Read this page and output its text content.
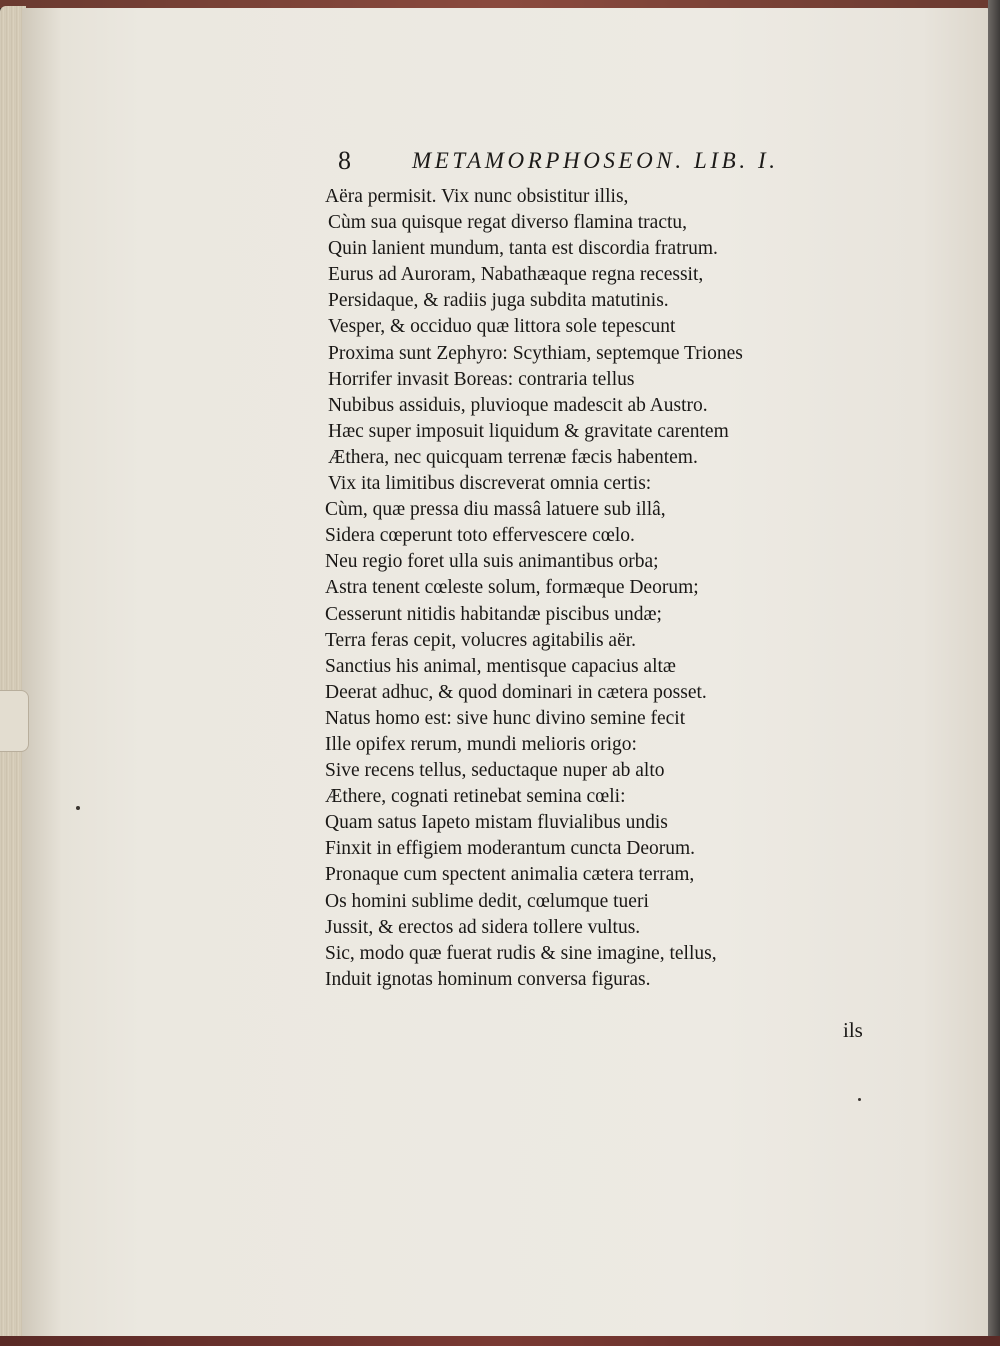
8	METAMORPHOSEON. LIB. I.
Aëra permisit. Vix nunc obsistitur illis,
Cùm sua quisque regat diverso flamina tractu,
Quin lanient mundum, tanta est discordia fratrum.
Eurus ad Auroram, Nabathæaque regna recessit,
Persidaque, & radiis juga subdita matutinis.
Vesper, & occiduo quæ littora sole tepescunt
Proxima sunt Zephyro: Scythiam, septemque Triones
Horrifer invasit Boreas: contraria tellus
Nubibus assiduis, pluvioque madescit ab Austro.
Hæc super imposuit liquidum & gravitate carentem
Æthera, nec quicquam terrenæ fæcis habentem.
Vix ita limitibus discreverat omnia certis:
Cùm, quæ pressa diu massâ latuere sub illâ,
Sidera cœperunt toto effervescere cœlo.
Neu regio foret ulla suis animantibus orba;
Astra tenent cœleste solum, formæque Deorum;
Cesserunt nitidis habitandæ piscibus undæ;
Terra feras cepit, volucres agitabilis aër.
Sanctius his animal, mentisque capacius altæ
Deerat adhuc, & quod dominari in cætera posset.
Natus homo est: sive hunc divino semine fecit
Ille opifex rerum, mundi melioris origo:
Sive recens tellus, seductaque nuper ab alto
Æthere, cognati retinebat semina cœli:
Quam satus Iapeto mistam fluvialibus undis
Finxit in effigiem moderantum cuncta Deorum.
Pronaque cum spectent animalia cætera terram,
Os homini sublime dedit, cœlumque tueri
Jussit, & erectos ad sidera tollere vultus.
Sic, modo quæ fuerat rudis & sine imagine, tellus,
Induit ignotas hominum conversa figuras.
ils
